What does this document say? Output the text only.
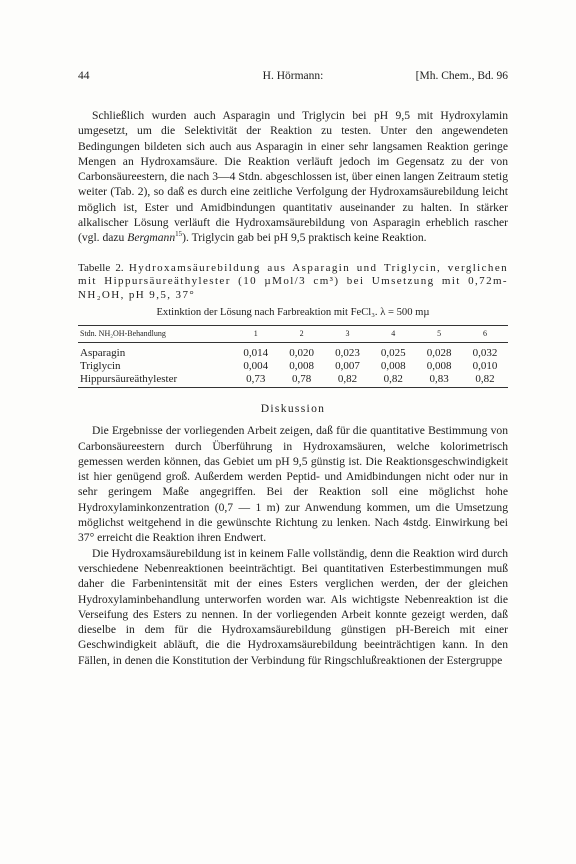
44	H. Hörmann:	[Mh. Chem., Bd. 96

Schließlich wurden auch Asparagin und Triglycin bei pH 9,5 mit Hydroxylamin umgesetzt, um die Selektivität der Reaktion zu testen. Unter den angewendeten Bedingungen bildeten sich auch aus Asparagin in einer sehr langsamen Reaktion geringe Mengen an Hydroxamsäure. Die Reaktion verläuft jedoch im Gegensatz zu der von Carbonsäureestern, die nach 3—4 Stdn. abgeschlossen ist, über einen langen Zeitraum stetig weiter (Tab. 2), so daß es durch eine zeitliche Verfolgung der Hydroxamsäurebildung leicht möglich ist, Ester und Amidbindungen quantitativ auseinander zu halten. In stärker alkalischer Lösung verläuft die Hydroxamsäurebildung von Asparagin erheblich rascher (vgl. dazu Bergmann$^{15}$). Triglycin gab bei pH 9,5 praktisch keine Reaktion.

Tabelle 2. Hydroxamsäurebildung aus Asparagin und Triglycin, verglichen mit Hippursäureäthylester (10 µMol/3 cm³) bei Umsetzung mit 0,72m-NH₂OH, pH 9,5, 37°
Extinktion der Lösung nach Farbreaktion mit FeCl₃. λ = 500 mµ
Stdn. NH₂OH-Behandlung	1	2	3	4	5	6
Asparagin	0,014	0,020	0,023	0,025	0,028	0,032
Triglycin	0,004	0,008	0,007	0,008	0,008	0,010
Hippursäureäthylester	0,73	0,78	0,82	0,82	0,83	0,82
Diskussion

Die Ergebnisse der vorliegenden Arbeit zeigen, daß für die quantitative Bestimmung von Carbonsäureestern durch Überführung in Hydroxamsäuren, welche kolorimetrisch gemessen werden können, das Gebiet um pH 9,5 günstig ist. Die Reaktionsgeschwindigkeit ist hier genügend groß. Außerdem werden Peptid- und Amidbindungen nicht oder nur in sehr geringem Maße angegriffen. Bei der Reaktion soll eine möglichst hohe Hydroxylaminkonzentration (0,7 — 1 m) zur Anwendung kommen, um die Umsetzung möglichst weitgehend in die gewünschte Richtung zu lenken. Nach 4stdg. Einwirkung bei 37° erreicht die Reaktion ihren Endwert.

Die Hydroxamsäurebildung ist in keinem Falle vollständig, denn die Reaktion wird durch verschiedene Nebenreaktionen beeinträchtigt. Bei quantitativen Esterbestimmungen muß daher die Farbenintensität mit der eines Esters verglichen werden, der der gleichen Hydroxylaminbehandlung unterworfen worden war. Als wichtigste Nebenreaktion ist die Verseifung des Esters zu nennen. In der vorliegenden Arbeit konnte gezeigt werden, daß dieselbe in dem für die Hydroxamsäurebildung günstigen pH-Bereich mit einer Geschwindigkeit abläuft, die die Hydroxamsäurebildung beeinträchtigen kann. In den Fällen, in denen die Konstitution der Verbindung für Ringschlußreaktionen der Estergruppe
